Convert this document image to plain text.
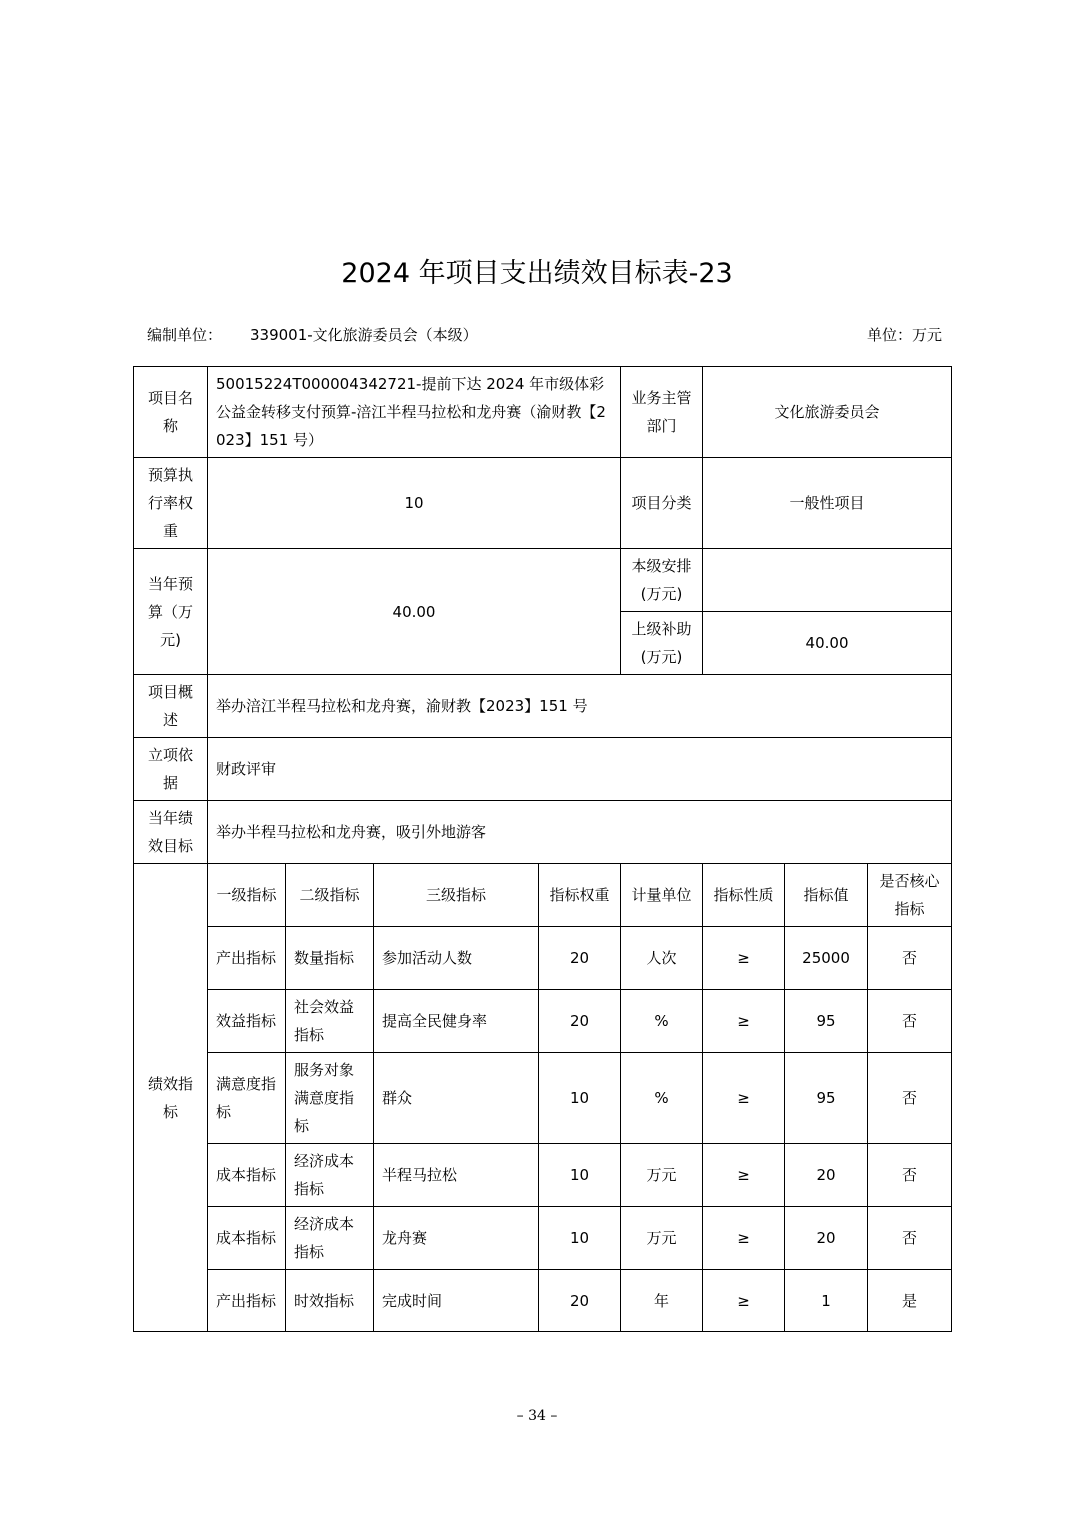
2024 年项目支出绩效目标表-23
编制单位： 339001-文化旅游委员会（本级）	单位：万元
项目名称	50015224T000004342721-提前下达 2024 年市级体彩公益金转移支付预算-涪江半程马拉松和龙舟赛（渝财教【2023】151 号）				业务主管部门	文化旅游委员会		
预算执行率权重	10				项目分类	一般性项目		
当年预算（万元)	40.00				本级安排(万元)			
					上级补助(万元)	40.00		
项目概述	举办涪江半程马拉松和龙舟赛，渝财教【2023】151 号							
立项依据	财政评审							
当年绩效目标	举办半程马拉松和龙舟赛，吸引外地游客							
绩效指标	一级指标	二级指标	三级指标	指标权重	计量单位	指标性质	指标值	是否核心指标
	产出指标	数量指标	参加活动人数	20	人次	≥	25000	否
	效益指标	社会效益指标	提高全民健身率	20	%	≥	95	否
	满意度指标	服务对象满意度指标	群众	10	%	≥	95	否
	成本指标	经济成本指标	半程马拉松	10	万元	≥	20	否
	成本指标	经济成本指标	龙舟赛	10	万元	≥	20	否
	产出指标	时效指标	完成时间	20	年	≥	1	是
– 34 –
